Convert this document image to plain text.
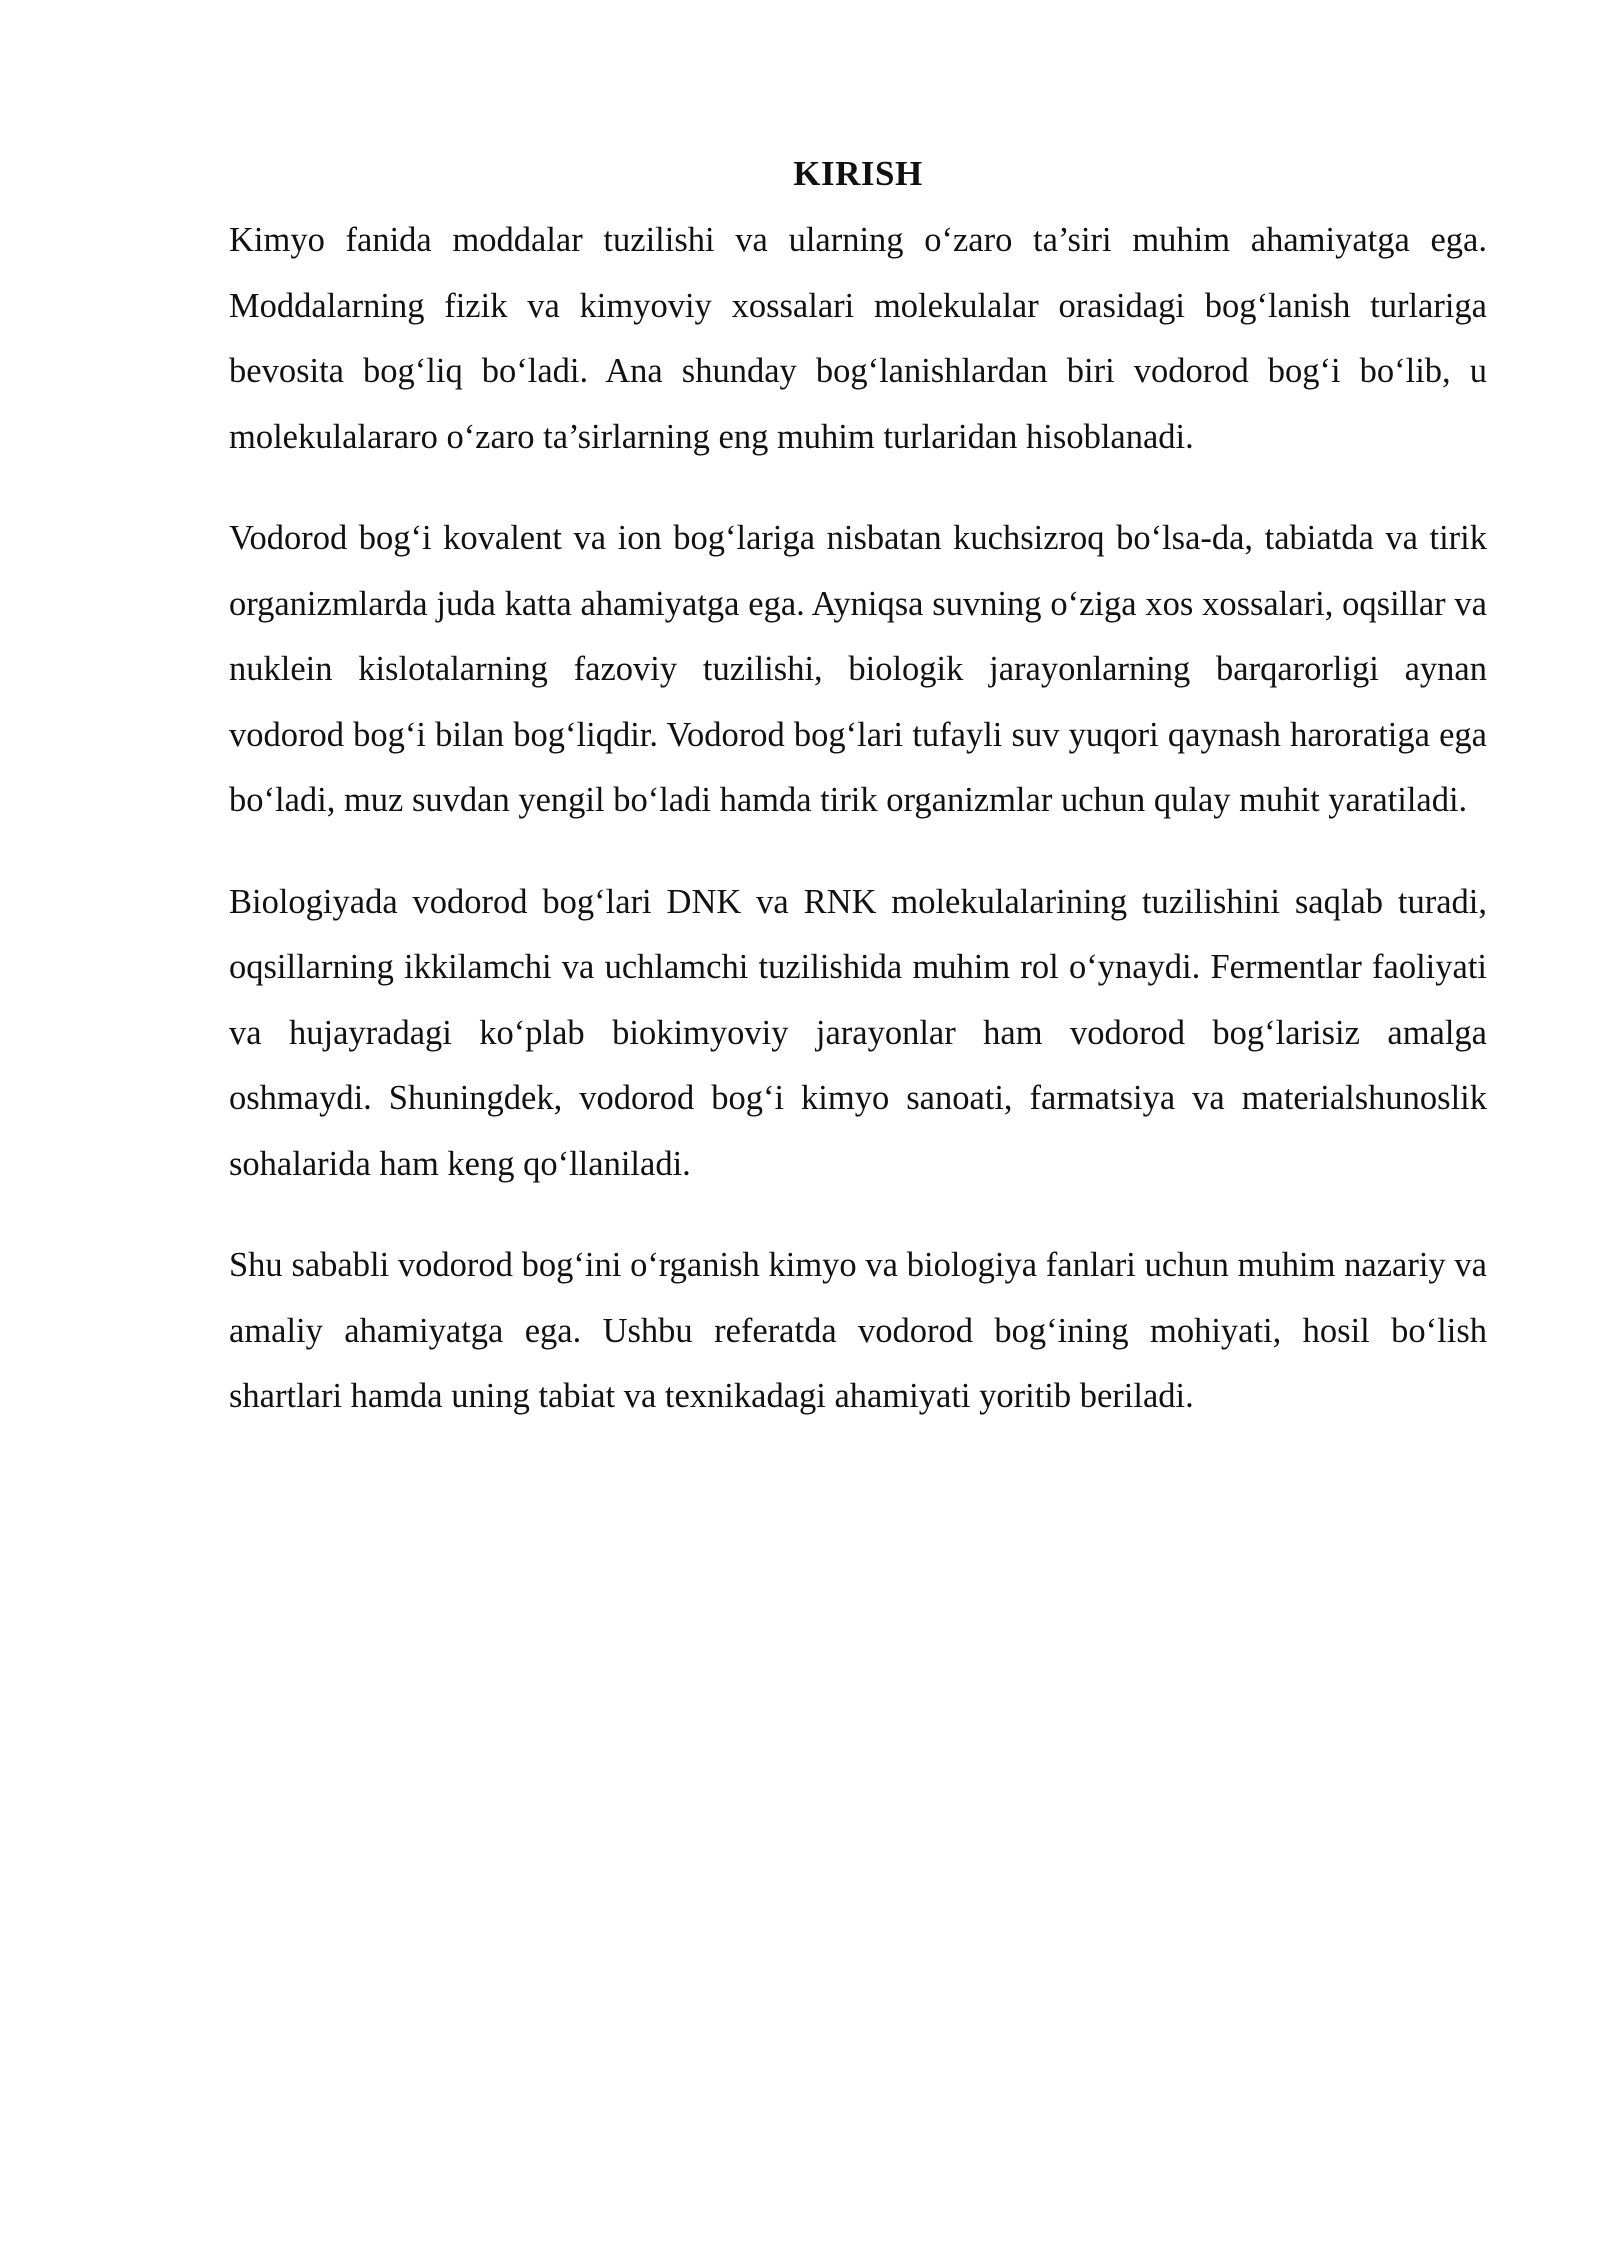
KIRISH

Kimyo fanida moddalar tuzilishi va ularning o‘zaro ta’siri muhim ahamiyatga ega. Moddalarning fizik va kimyoviy xossalari molekulalar orasidagi bog‘lanish turlariga bevosita bog‘liq bo‘ladi. Ana shunday bog‘lanishlardan biri vodorod bog‘i bo‘lib, u molekulalararo o‘zaro ta’sirlarning eng muhim turlaridan hisoblanadi.

Vodorod bog‘i kovalent va ion bog‘lariga nisbatan kuchsizroq bo‘lsa-da, tabiatda va tirik organizmlarda juda katta ahamiyatga ega. Ayniqsa suvning o‘ziga xos xossalari, oqsillar va nuklein kislotalarning fazoviy tuzilishi, biologik jarayonlarning barqarorligi aynan vodorod bog‘i bilan bog‘liqdir. Vodorod bog‘lari tufayli suv yuqori qaynash haroratiga ega bo‘ladi, muz suvdan yengil bo‘ladi hamda tirik organizmlar uchun qulay muhit yaratiladi.

Biologiyada vodorod bog‘lari DNK va RNK molekulalarining tuzilishini saqlab turadi, oqsillarning ikkilamchi va uchlamchi tuzilishida muhim rol o‘ynaydi. Fermentlar faoliyati va hujayradagi ko‘plab biokimyoviy jarayonlar ham vodorod bog‘larisiz amalga oshmaydi. Shuningdek, vodorod bog‘i kimyo sanoati, farmatsiya va materialshunoslik sohalarida ham keng qo‘llaniladi.

Shu sababli vodorod bog‘ini o‘rganish kimyo va biologiya fanlari uchun muhim nazariy va amaliy ahamiyatga ega. Ushbu referatda vodorod bog‘ining mohiyati, hosil bo‘lish shartlari hamda uning tabiat va texnikadagi ahamiyati yoritib beriladi.
